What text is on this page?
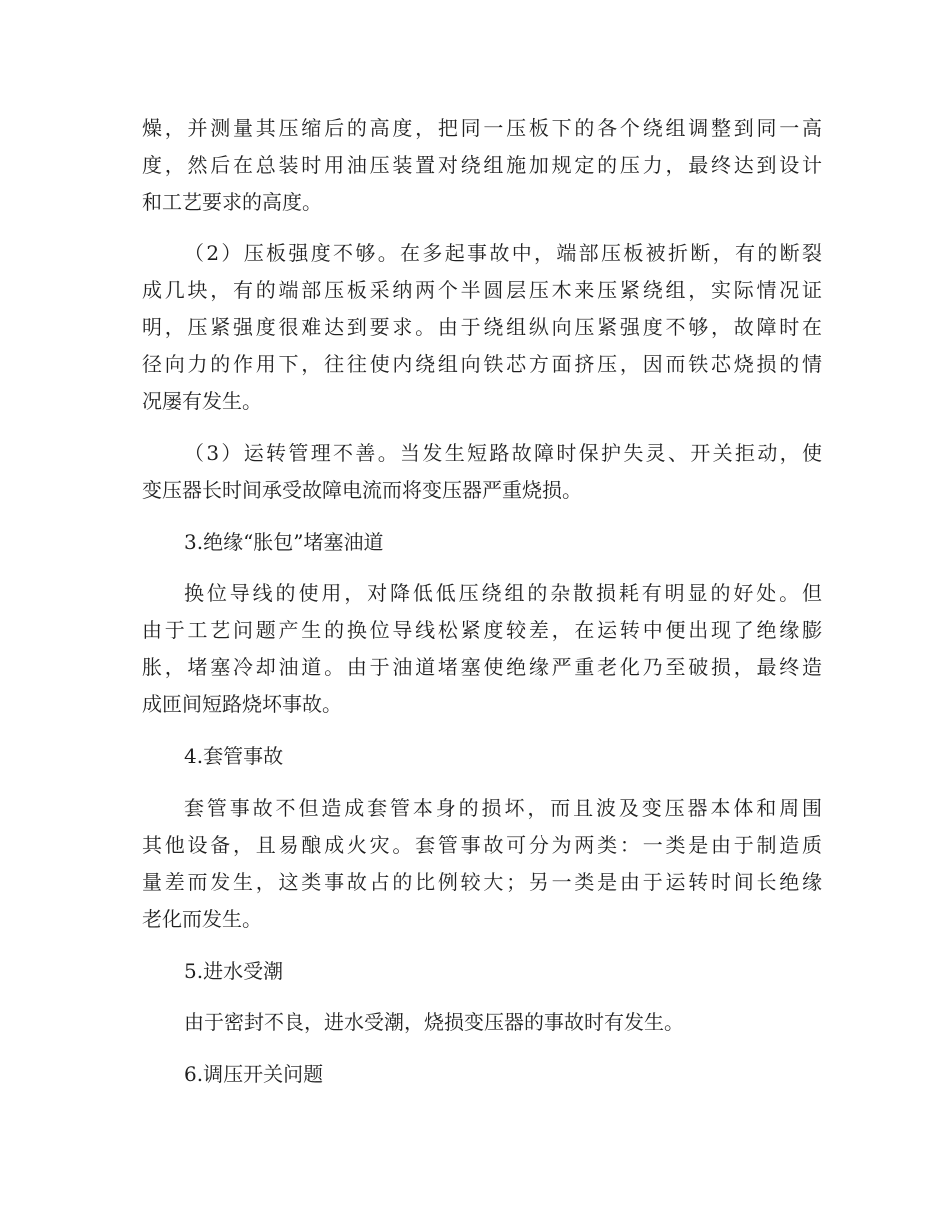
燥，并测量其压缩后的高度，把同一压板下的各个绕组调整到同一高
度，然后在总装时用油压装置对绕组施加规定的压力，最终达到设计
和工艺要求的高度。
（2）压板强度不够。在多起事故中，端部压板被折断，有的断裂
成几块，有的端部压板采纳两个半圆层压木来压紧绕组，实际情况证
明，压紧强度很难达到要求。由于绕组纵向压紧强度不够，故障时在
径向力的作用下，往往使内绕组向铁芯方面挤压，因而铁芯烧损的情
况屡有发生。
（3）运转管理不善。当发生短路故障时保护失灵、开关拒动，使
变压器长时间承受故障电流而将变压器严重烧损。
3.绝缘“胀包”堵塞油道
换位导线的使用，对降低低压绕组的杂散损耗有明显的好处。但
由于工艺问题产生的换位导线松紧度较差，在运转中便出现了绝缘膨
胀，堵塞冷却油道。由于油道堵塞使绝缘严重老化乃至破损，最终造
成匝间短路烧坏事故。
4.套管事故
套管事故不但造成套管本身的损坏，而且波及变压器本体和周围
其他设备，且易酿成火灾。套管事故可分为两类：一类是由于制造质
量差而发生，这类事故占的比例较大；另一类是由于运转时间长绝缘
老化而发生。
5.进水受潮
由于密封不良，进水受潮，烧损变压器的事故时有发生。
6.调压开关问题
